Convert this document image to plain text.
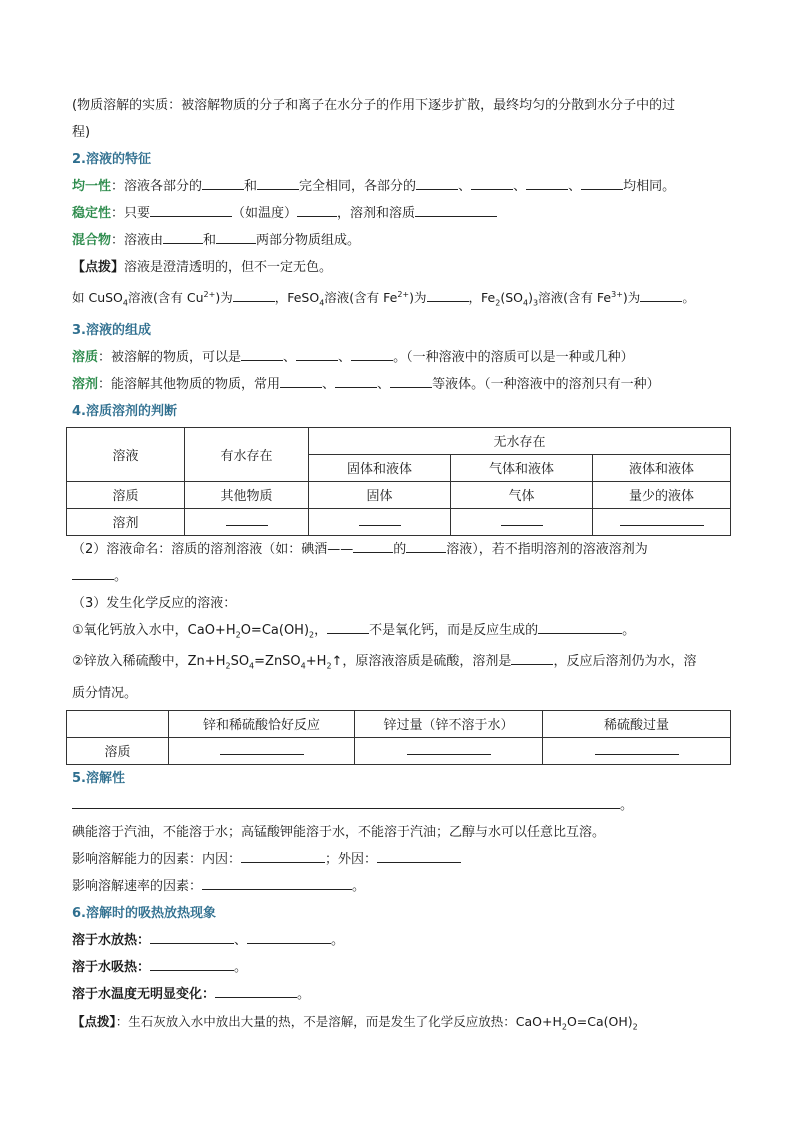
(物质溶解的实质：被溶解物质的分子和离子在水分子的作用下逐步扩散，最终均匀的分散到水分子中的过
程)
2.溶液的特征
均一性：溶液各部分的	和	完全相同，各部分的	、	、	、	均相同。
稳定性：只要	（如温度）	，溶剂和溶质
混合物：溶液由	和	两部分物质组成。
【点拨】溶液是澄清透明的，但不一定无色。
如 CuSO$_4$溶液(含有 $Cu^{2+}$)为	，FeSO$_4$溶液(含有 $Fe^{2+}$)为	，$Fe_2(SO_4)_3$溶液(含有 $Fe^{3+}$)为	。
3.溶液的组成
溶质：被溶解的物质，可以是	、	、	。（一种溶液中的溶质可以是一种或几种）
溶剂：能溶解其他物质的物质，常用	、	、	等液体。（一种溶液中的溶剂只有一种）
4.溶质溶剂的判断
溶液	有水存在	无水存在		
		固体和液体	气体和液体	液体和液体
溶质	其他物质	固体	气体	量少的液体
溶剂				
（2）溶液命名：溶质的溶剂溶液（如：碘酒——	的	溶液），若不指明溶剂的溶液溶剂为
。
（3）发生化学反应的溶液：
①氧化钙放入水中，$CaO+H_2O=Ca(OH)_2$，	不是氧化钙，而是反应生成的	。
②锌放入稀硫酸中，$Zn+H_2SO_4=ZnSO_4+H_2↑$，原溶液溶质是硫酸，溶剂是	，反应后溶剂仍为水，溶
质分情况。
	锌和稀硫酸恰好反应	锌过量（锌不溶于水）	稀硫酸过量
溶质			
5.溶解性
。
碘能溶于汽油，不能溶于水；高锰酸钾能溶于水，不能溶于汽油；乙醇与水可以任意比互溶。
影响溶解能力的因素：内因：	；外因：
影响溶解速率的因素：	。
6.溶解时的吸热放热现象
溶于水放热：	、	。
溶于水吸热：	。
溶于水温度无明显变化：	。
【点拨】：生石灰放入水中放出大量的热，不是溶解，而是发生了化学反应放热：$CaO+H_2O=Ca(OH)_2$
